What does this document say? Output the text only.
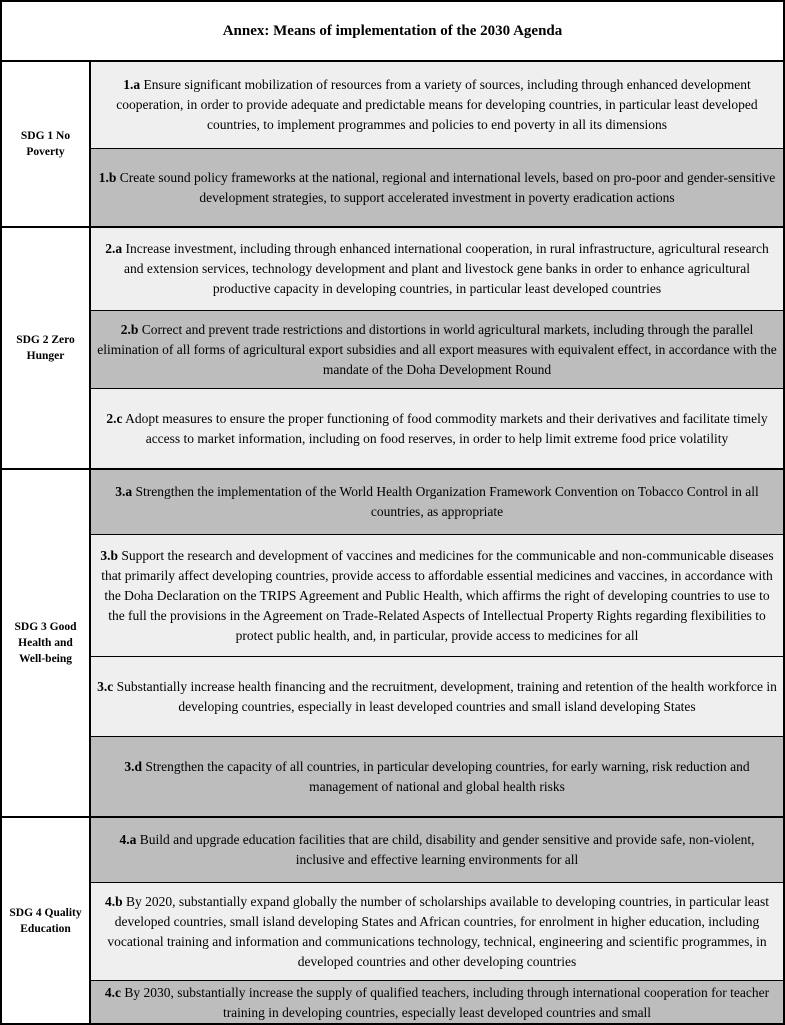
Annex: Means of implementation of the 2030 Agenda
SDG 1 No Poverty

1.a Ensure significant mobilization of resources from a variety of sources, including through enhanced development cooperation, in order to provide adequate and predictable means for developing countries, in particular least developed countries, to implement programmes and policies to end poverty in all its dimensions

1.b Create sound policy frameworks at the national, regional and international levels, based on pro-poor and gender-sensitive development strategies, to support accelerated investment in poverty eradication actions

SDG 2 Zero Hunger

2.a Increase investment, including through enhanced international cooperation, in rural infrastructure, agricultural research and extension services, technology development and plant and livestock gene banks in order to enhance agricultural productive capacity in developing countries, in particular least developed countries

2.b Correct and prevent trade restrictions and distortions in world agricultural markets, including through the parallel elimination of all forms of agricultural export subsidies and all export measures with equivalent effect, in accordance with the mandate of the Doha Development Round

2.c Adopt measures to ensure the proper functioning of food commodity markets and their derivatives and facilitate timely access to market information, including on food reserves, in order to help limit extreme food price volatility

SDG 3 Good Health and Well-being

3.a Strengthen the implementation of the World Health Organization Framework Convention on Tobacco Control in all countries, as appropriate

3.b Support the research and development of vaccines and medicines for the communicable and non-communicable diseases that primarily affect developing countries, provide access to affordable essential medicines and vaccines, in accordance with the Doha Declaration on the TRIPS Agreement and Public Health, which affirms the right of developing countries to use to the full the provisions in the Agreement on Trade-Related Aspects of Intellectual Property Rights regarding flexibilities to protect public health, and, in particular, provide access to medicines for all

3.c Substantially increase health financing and the recruitment, development, training and retention of the health workforce in developing countries, especially in least developed countries and small island developing States

3.d Strengthen the capacity of all countries, in particular developing countries, for early warning, risk reduction and management of national and global health risks

SDG 4 Quality Education

4.a Build and upgrade education facilities that are child, disability and gender sensitive and provide safe, non-violent, inclusive and effective learning environments for all

4.b By 2020, substantially expand globally the number of scholarships available to developing countries, in particular least developed countries, small island developing States and African countries, for enrolment in higher education, including vocational training and information and communications technology, technical, engineering and scientific programmes, in developed countries and other developing countries

4.c By 2030, substantially increase the supply of qualified teachers, including through international cooperation for teacher training in developing countries, especially least developed countries and small
